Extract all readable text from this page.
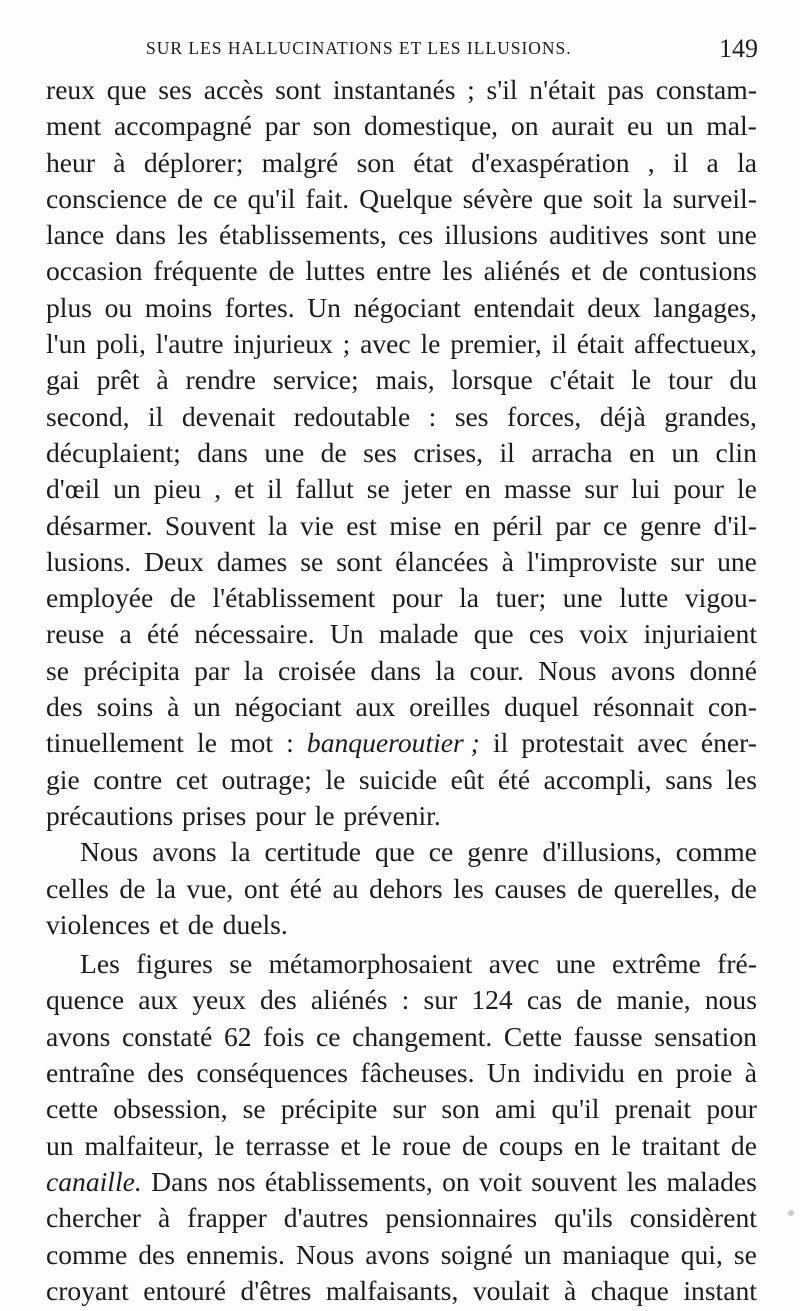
SUR LES HALLUCINATIONS ET LES ILLUSIONS.	149
reux que ses accès sont instantanés ; s'il n'était pas constam-
ment accompagné par son domestique, on aurait eu un mal-
heur à déplorer; malgré son état d'exaspération , il a la
conscience de ce qu'il fait. Quelque sévère que soit la surveil-
lance dans les établissements, ces illusions auditives sont une
occasion fréquente de luttes entre les aliénés et de contusions
plus ou moins fortes. Un négociant entendait deux langages,
l'un poli, l'autre injurieux ; avec le premier, il était affectueux,
gai prêt à rendre service; mais, lorsque c'était le tour du
second, il devenait redoutable : ses forces, déjà grandes,
décuplaient; dans une de ses crises, il arracha en un clin
d'œil un pieu , et il fallut se jeter en masse sur lui pour le
désarmer. Souvent la vie est mise en péril par ce genre d'il-
lusions. Deux dames se sont élancées à l'improviste sur une
employée de l'établissement pour la tuer; une lutte vigou-
reuse a été nécessaire. Un malade que ces voix injuriaient
se précipita par la croisée dans la cour. Nous avons donné
des soins à un négociant aux oreilles duquel résonnait con-
tinuellement le mot : banqueroutier ; il protestait avec éner-
gie contre cet outrage; le suicide eût été accompli, sans les
précautions prises pour le prévenir.
Nous avons la certitude que ce genre d'illusions, comme
celles de la vue, ont été au dehors les causes de querelles, de
violences et de duels.
Les figures se métamorphosaient avec une extrême fré-
quence aux yeux des aliénés : sur 124 cas de manie, nous
avons constaté 62 fois ce changement. Cette fausse sensation
entraîne des conséquences fâcheuses. Un individu en proie à
cette obsession, se précipite sur son ami qu'il prenait pour
un malfaiteur, le terrasse et le roue de coups en le traitant de
canaille. Dans nos établissements, on voit souvent les malades
chercher à frapper d'autres pensionnaires qu'ils considèrent
comme des ennemis. Nous avons soigné un maniaque qui, se
croyant entouré d'êtres malfaisants, voulait à chaque instant
